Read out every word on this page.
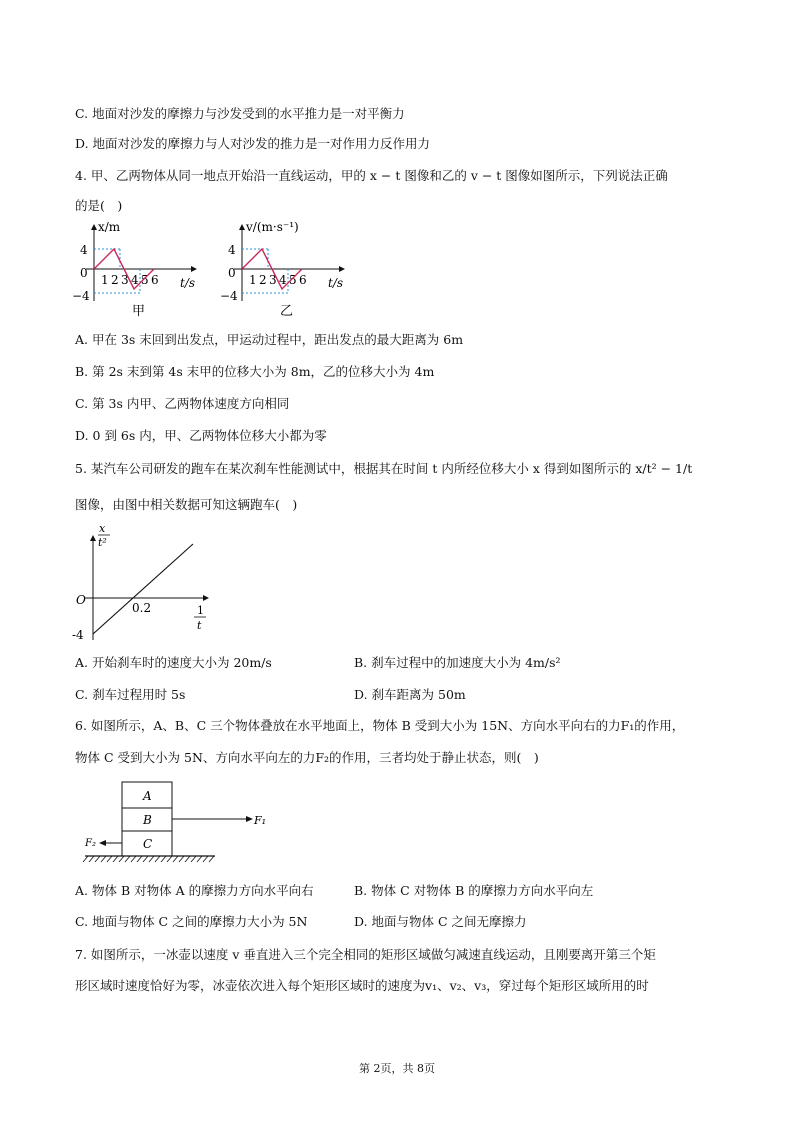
C. 地面对沙发的摩擦力与沙发受到的水平推力是一对平衡力
D. 地面对沙发的摩擦力与人对沙发的推力是一对作用力反作用力
4. 甲、乙两物体从同一地点开始沿一直线运动，甲的 x − t 图像和乙的 v − t 图像如图所示，下列说法正确
的是(　)
x/m
t/s
4
0
−4
1 2 3 4 5 6
甲
v/(m·s⁻¹)
t/s
4
0
−4
1 2 3 4 5 6
乙
A. 甲在 3s 末回到出发点，甲运动过程中，距出发点的最大距离为 6m
B. 第 2s 末到第 4s 末甲的位移大小为 8m，乙的位移大小为 4m
C. 第 3s 内甲、乙两物体速度方向相同
D. 0 到 6s 内，甲、乙两物体位移大小都为零
5. 某汽车公司研发的跑车在某次刹车性能测试中，根据其在时间 t 内所经位移大小 x 得到如图所示的 x/t² − 1/t
图像，由图中相关数据可知这辆跑车(　)
x
t²
O
0.2
-4
1
t
A. 开始刹车时的速度大小为 20m/s	B. 刹车过程中的加速度大小为 4m/s²
C. 刹车过程用时 5s	D. 刹车距离为 50m
6. 如图所示，A、B、C 三个物体叠放在水平地面上，物体 B 受到大小为 15N、方向水平向右的力F₁的作用，
物体 C 受到大小为 5N、方向水平向左的力F₂的作用，三者均处于静止状态，则(　)
A
B
C
F₁
F₂
A. 物体 B 对物体 A 的摩擦力方向水平向右	B. 物体 C 对物体 B 的摩擦力方向水平向左
C. 地面与物体 C 之间的摩擦力大小为 5N	D. 地面与物体 C 之间无摩擦力
7. 如图所示，一冰壶以速度 v 垂直进入三个完全相同的矩形区域做匀减速直线运动，且刚要离开第三个矩
形区域时速度恰好为零，冰壶依次进入每个矩形区域时的速度为v₁、v₂、v₃，穿过每个矩形区域所用的时
第 2页，共 8页
